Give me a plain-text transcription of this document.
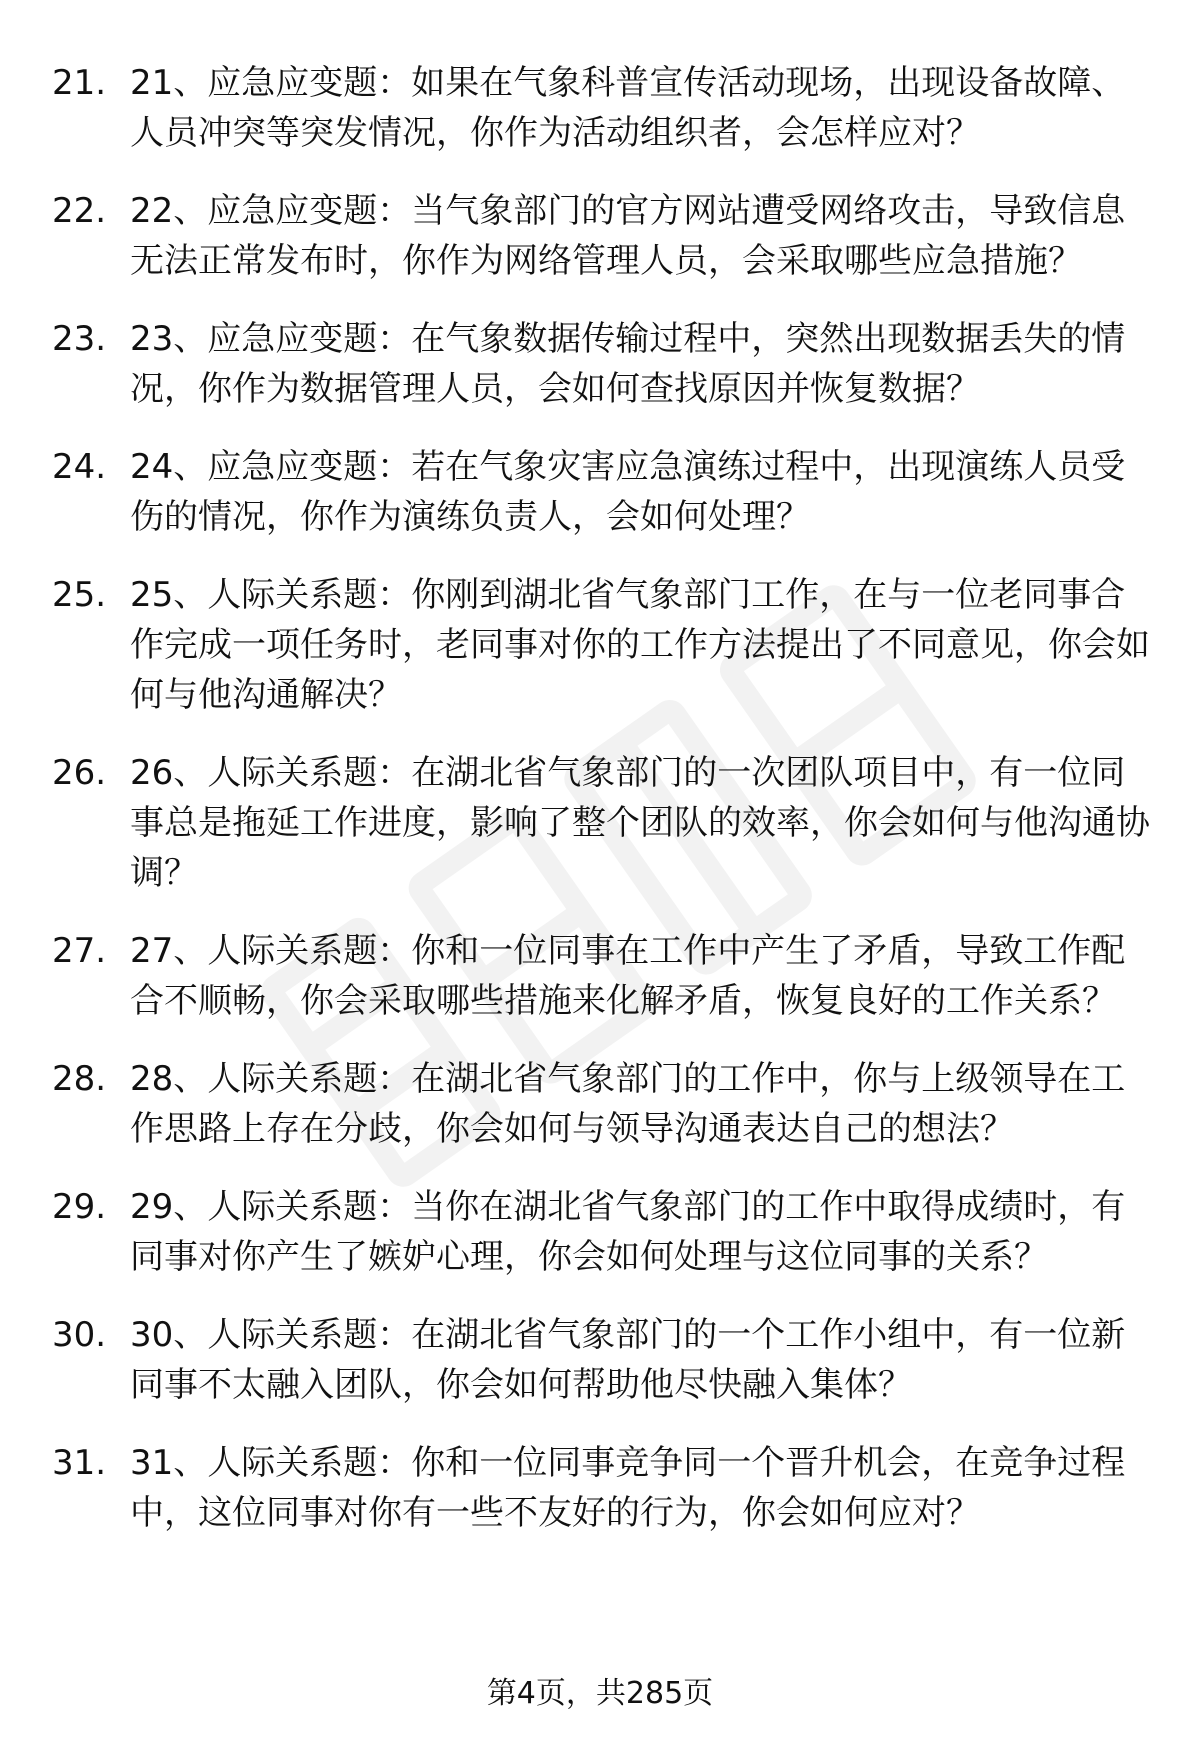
21. 21、应急应变题：如果在气象科普宣传活动现场，出现设备故障、人员冲突等突发情况，你作为活动组织者，会怎样应对？
22. 22、应急应变题：当气象部门的官方网站遭受网络攻击，导致信息无法正常发布时，你作为网络管理人员，会采取哪些应急措施？
23. 23、应急应变题：在气象数据传输过程中，突然出现数据丢失的情况，你作为数据管理人员，会如何查找原因并恢复数据？
24. 24、应急应变题：若在气象灾害应急演练过程中，出现演练人员受伤的情况，你作为演练负责人，会如何处理？
25. 25、人际关系题：你刚到湖北省气象部门工作，在与一位老同事合作完成一项任务时，老同事对你的工作方法提出了不同意见，你会如何与他沟通解决？
26. 26、人际关系题：在湖北省气象部门的一次团队项目中，有一位同事总是拖延工作进度，影响了整个团队的效率，你会如何与他沟通协调？
27. 27、人际关系题：你和一位同事在工作中产生了矛盾，导致工作配合不顺畅，你会采取哪些措施来化解矛盾，恢复良好的工作关系？
28. 28、人际关系题：在湖北省气象部门的工作中，你与上级领导在工作思路上存在分歧，你会如何与领导沟通表达自己的想法？
29. 29、人际关系题：当你在湖北省气象部门的工作中取得成绩时，有同事对你产生了嫉妒心理，你会如何处理与这位同事的关系？
30. 30、人际关系题：在湖北省气象部门的一个工作小组中，有一位新同事不太融入团队，你会如何帮助他尽快融入集体？
31. 31、人际关系题：你和一位同事竞争同一个晋升机会，在竞争过程中，这位同事对你有一些不友好的行为，你会如何应对？
第4页，共285页
